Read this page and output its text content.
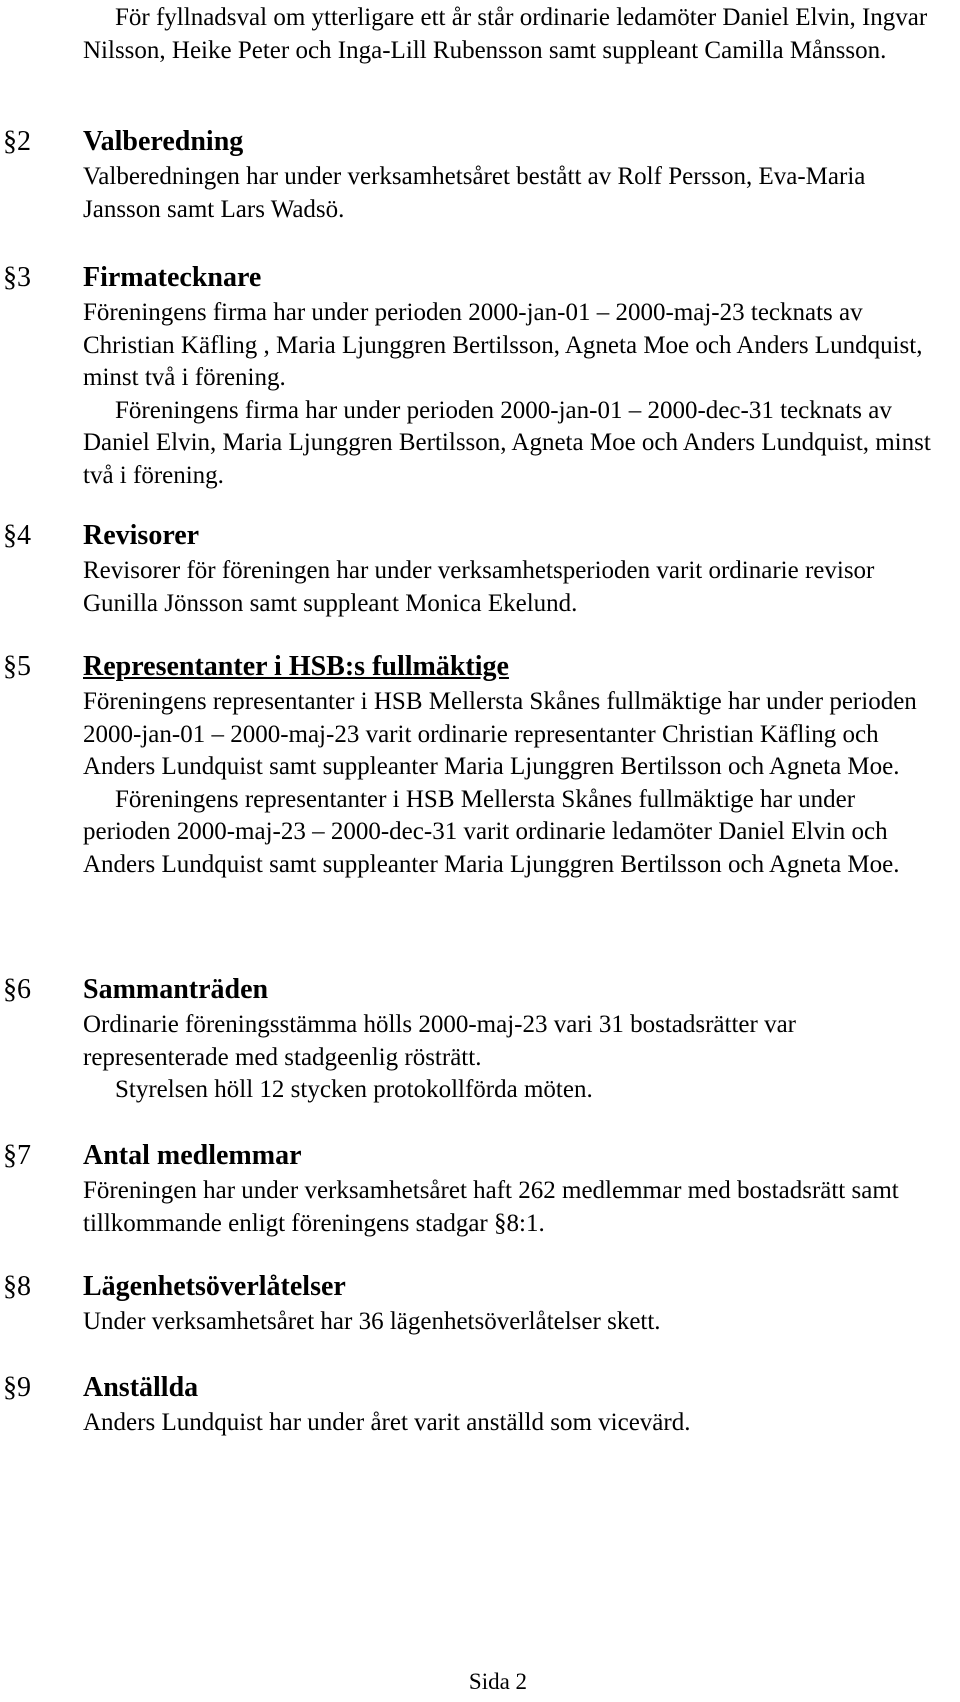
För fyllnadsval om ytterligare ett år står ordinarie ledamöter Daniel Elvin, Ingvar Nilsson, Heike Peter och Inga-Lill Rubensson samt suppleant Camilla Månsson.
§2 Valberedning

Valberedningen har under verksamhetsåret bestått av Rolf Persson, Eva-Maria Jansson samt Lars Wadsö.

§3 Firmatecknare

Föreningens firma har under perioden 2000-jan-01 – 2000-maj-23 tecknats av Christian Käfling , Maria Ljunggren Bertilsson, Agneta Moe och Anders Lundquist, minst två i förening.

Föreningens firma har under perioden 2000-jan-01 – 2000-dec-31 tecknats av Daniel Elvin, Maria Ljunggren Bertilsson, Agneta Moe och Anders Lundquist, minst två i förening.

§4 Revisorer

Revisorer för föreningen har under verksamhetsperioden varit ordinarie revisor Gunilla Jönsson samt suppleant Monica Ekelund.

§5 Representanter i HSB:s fullmäktige

Föreningens representanter i HSB Mellersta Skånes fullmäktige har under perioden 2000-jan-01 – 2000-maj-23 varit ordinarie representanter Christian Käfling och Anders Lundquist samt suppleanter Maria Ljunggren Bertilsson och Agneta Moe.

Föreningens representanter i HSB Mellersta Skånes fullmäktige har under perioden 2000-maj-23 – 2000-dec-31 varit ordinarie ledamöter Daniel Elvin och Anders Lundquist samt suppleanter Maria Ljunggren Bertilsson och Agneta Moe.

§6 Sammanträden

Ordinarie föreningsstämma hölls 2000-maj-23 vari 31 bostadsrätter var representerade med stadgeenlig rösträtt.

Styrelsen höll 12 stycken protokollförda möten.

§7 Antal medlemmar

Föreningen har under verksamhetsåret haft 262 medlemmar med bostadsrätt samt tillkommande enligt föreningens stadgar §8:1.

§8 Lägenhetsöverlåtelser

Under verksamhetsåret har 36 lägenhetsöverlåtelser skett.

§9 Anställda

Anders Lundquist har under året varit anställd som vicevärd.

Sida 2
